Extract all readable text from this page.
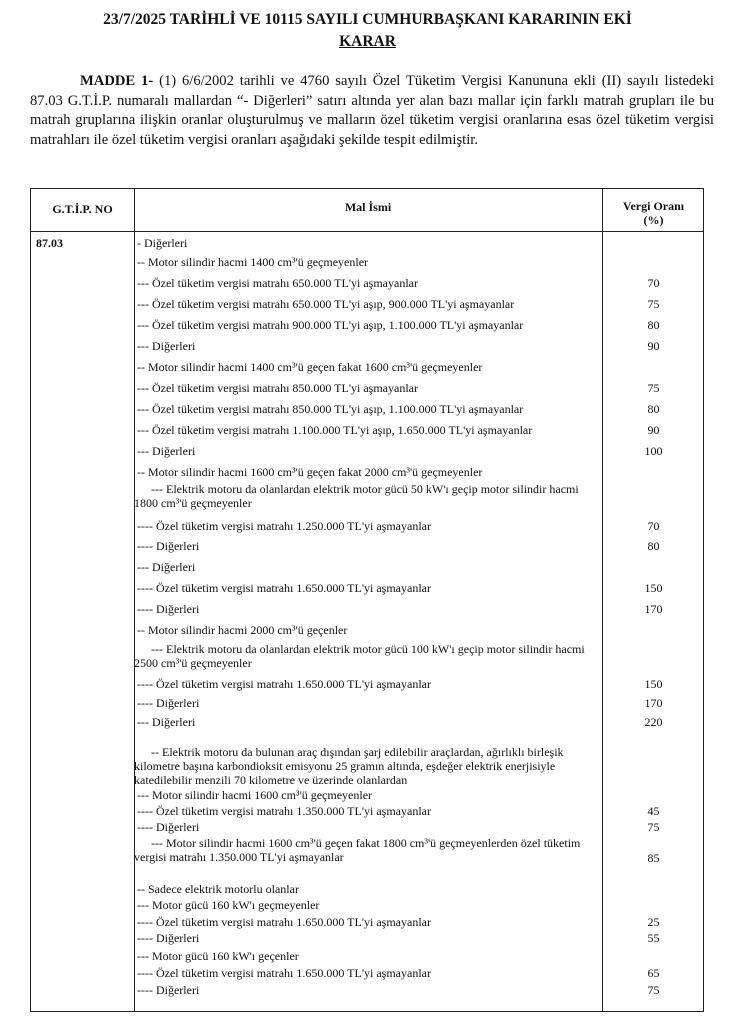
23/7/2025 TARİHLİ VE 10115 SAYILI CUMHURBAŞKANI KARARININ EKİ
KARAR
MADDE 1- (1) 6/6/2002 tarihli ve 4760 sayılı Özel Tüketim Vergisi Kanununa ekli (II) sayılı listedeki 87.03 G.T.İ.P. numaralı mallardan “- Diğerleri” satırı altında yer alan bazı mallar için farklı matrah grupları ile bu matrah gruplarına ilişkin oranlar oluşturulmuş ve malların özel tüketim vergisi oranlarına esas özel tüketim vergisi matrahları ile özel tüketim vergisi oranları aşağıdaki şekilde tespit edilmiştir.
G.T.İ.P. NO	Mal İsmi	Vergi Oranı
(%)
87.03	- Diğerleri
-- Motor silindir hacmi 1400 cm³'ü geçmeyenler
--- Özel tüketim vergisi matrahı 650.000 TL'yi aşmayanlar	70
--- Özel tüketim vergisi matrahı 650.000 TL'yi aşıp, 900.000 TL'yi aşmayanlar	75
--- Özel tüketim vergisi matrahı 900.000 TL'yi aşıp, 1.100.000 TL'yi aşmayanlar	80
--- Diğerleri	90
-- Motor silindir hacmi 1400 cm³'ü geçen fakat 1600 cm³'ü geçmeyenler
--- Özel tüketim vergisi matrahı 850.000 TL'yi aşmayanlar	75
--- Özel tüketim vergisi matrahı 850.000 TL'yi aşıp, 1.100.000 TL'yi aşmayanlar	80
--- Özel tüketim vergisi matrahı 1.100.000 TL'yi aşıp, 1.650.000 TL'yi aşmayanlar	90
--- Diğerleri	100
-- Motor silindir hacmi 1600 cm³'ü geçen fakat 2000 cm³'ü geçmeyenler
--- Elektrik motoru da olanlardan elektrik motor gücü 50 kW'ı geçip motor silindir hacmi 1800 cm³'ü geçmeyenler
---- Özel tüketim vergisi matrahı 1.250.000 TL'yi aşmayanlar	70
---- Diğerleri	80
--- Diğerleri
---- Özel tüketim vergisi matrahı 1.650.000 TL'yi aşmayanlar	150
---- Diğerleri	170
-- Motor silindir hacmi 2000 cm³'ü geçenler
--- Elektrik motoru da olanlardan elektrik motor gücü 100 kW'ı geçip motor silindir hacmi 2500 cm³'ü geçmeyenler
---- Özel tüketim vergisi matrahı 1.650.000 TL'yi aşmayanlar	150
---- Diğerleri	170
--- Diğerleri	220
-- Elektrik motoru da bulunan araç dışından şarj edilebilir araçlardan, ağırlıklı birleşik kilometre başına karbondioksit emisyonu 25 gramın altında, eşdeğer elektrik enerjisiyle katedilebilir menzili 70 kilometre ve üzerinde olanlardan
--- Motor silindir hacmi 1600 cm³'ü geçmeyenler
---- Özel tüketim vergisi matrahı 1.350.000 TL'yi aşmayanlar	45
---- Diğerleri	75
--- Motor silindir hacmi 1600 cm³'ü geçen fakat 1800 cm³'ü geçmeyenlerden özel tüketim vergisi matrahı 1.350.000 TL'yi aşmayanlar	85
-- Sadece elektrik motorlu olanlar
--- Motor gücü 160 kW'ı geçmeyenler
---- Özel tüketim vergisi matrahı 1.650.000 TL'yi aşmayanlar	25
---- Diğerleri	55
--- Motor gücü 160 kW'ı geçenler
---- Özel tüketim vergisi matrahı 1.650.000 TL'yi aşmayanlar	65
---- Diğerleri	75
